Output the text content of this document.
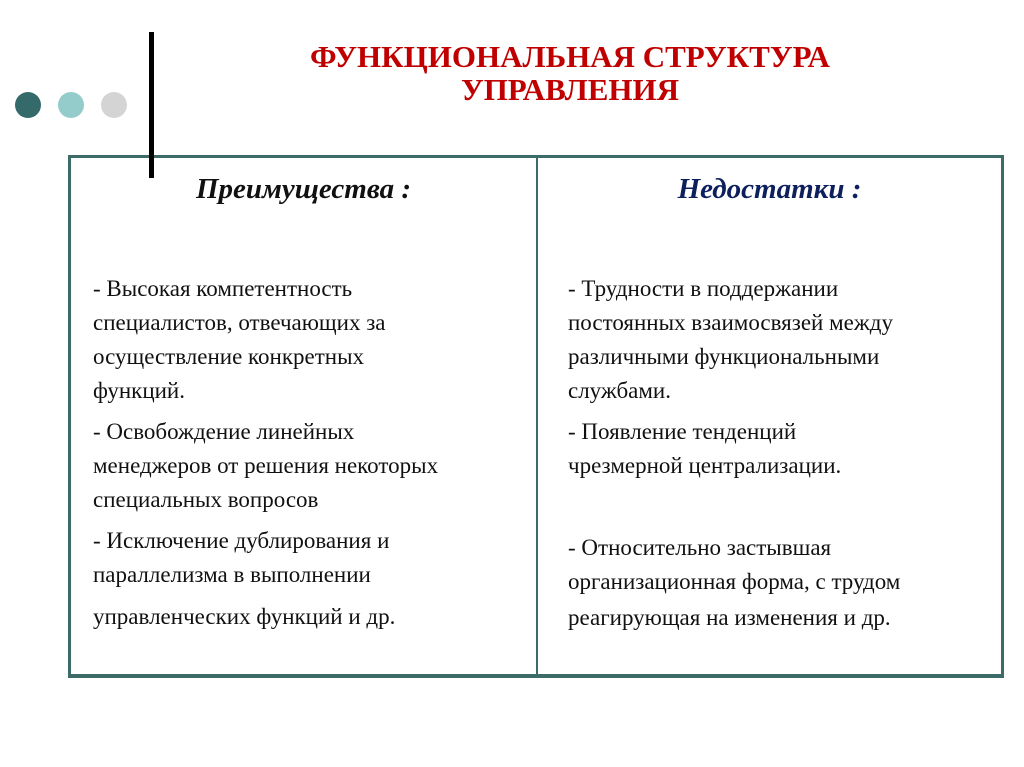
ФУНКЦИОНАЛЬНАЯ СТРУКТУРА
УПРАВЛЕНИЯ
Преимущества :
- Высокая компетентность
специалистов, отвечающих за
осуществление конкретных
функций.
- Освобождение линейных
менеджеров от решения некоторых
специальных вопросов
- Исключение дублирования и
параллелизма в выполнении
управленческих функций и др.
Недостатки :
- Трудности в поддержании
постоянных взаимосвязей между
различными функциональными
службами.
- Появление тенденций
чрезмерной централизации.
- Относительно застывшая
организационная форма, с трудом
реагирующая на изменения и др.
